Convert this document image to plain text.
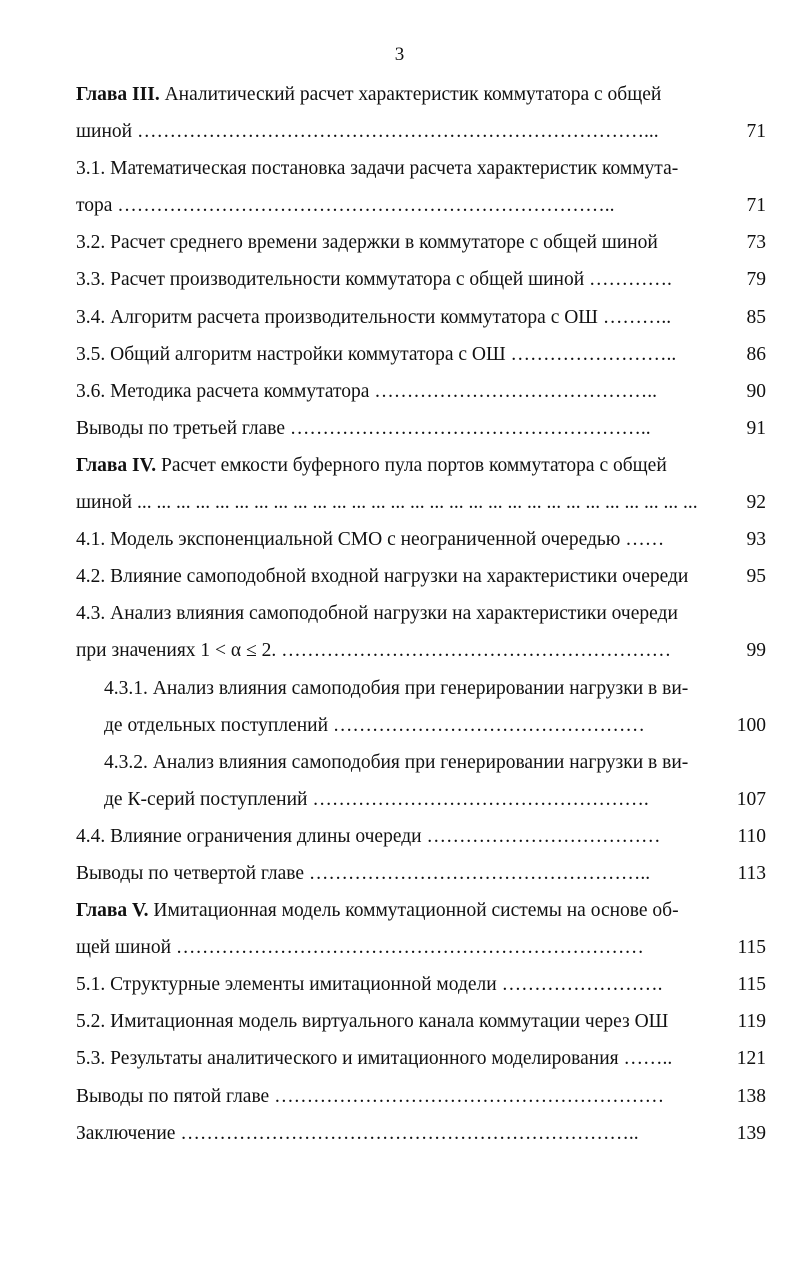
3
Глава III. Аналитический расчет характеристик коммутатора с общей
шиной ……………………………………………………………………...	71
3.1. Математическая постановка задачи расчета характеристик коммута-
тора …………………………………………………………………..	71
3.2. Расчет среднего времени задержки в коммутаторе с общей шиной	73
3.3. Расчет производительности коммутатора с общей шиной ………….	79
3.4. Алгоритм расчета производительности коммутатора с ОШ ………..	85
3.5. Общий алгоритм настройки коммутатора с ОШ ……………………..	86
3.6. Методика расчета коммутатора ……………………………………..	90
Выводы по третьей главе ………………………………………………..	91
Глава IV. Расчет емкости буферного пула портов коммутатора с общей
шиной ... ... ... ... ... ... ... ... ... ... ... ... ... ... ... ... ... ... ... ... ... ... ... ... ... ... ... ... ...	92
4.1. Модель экспоненциальной СМО с неограниченной очередью ……	93
4.2. Влияние самоподобной входной нагрузки на характеристики очереди	95
4.3. Анализ влияния самоподобной нагрузки на характеристики очереди
при значениях 1 < α ≤ 2. ……………………………………………………	99
4.3.1. Анализ влияния самоподобия при генерировании нагрузки в ви-
де отдельных поступлений …………………………………………	100
4.3.2. Анализ влияния самоподобия при генерировании нагрузки в ви-
де К-серий поступлений …………………………………………….	107
4.4. Влияние ограничения длины очереди ………………………………	110
Выводы по четвертой главе ……………………………………………..	113
Глава V. Имитационная модель коммутационной системы на основе об-
щей шиной ………………………………………………………………	115
5.1. Структурные элементы имитационной модели …………………….	115
5.2. Имитационная модель виртуального канала коммутации через ОШ	119
5.3. Результаты аналитического и имитационного моделирования ……..	121
Выводы по пятой главе ……………………………………………………	138
Заключение ……………………………………………………………..	139
